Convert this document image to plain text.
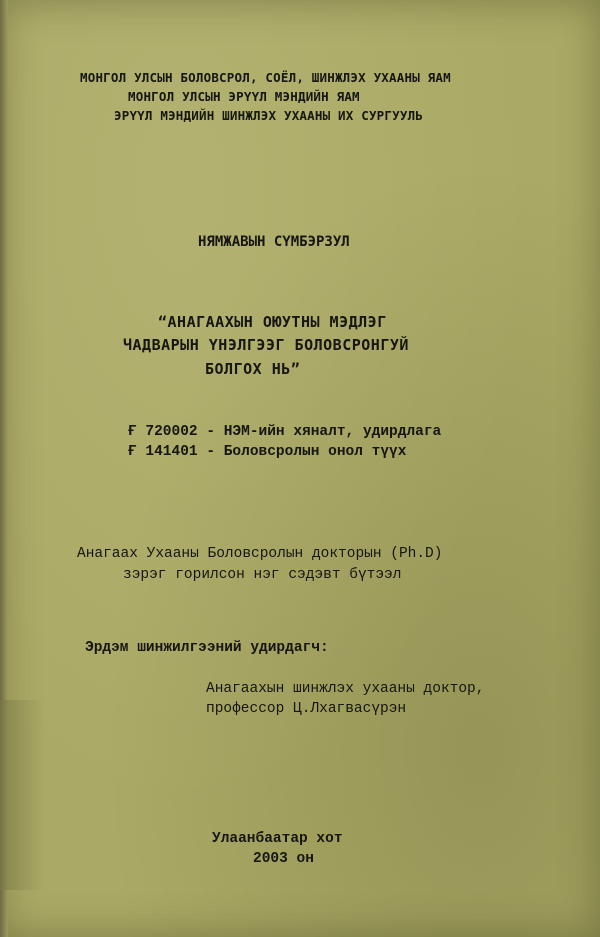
МОНГОЛ УЛСЫН БОЛОВСРОЛ, СОЁЛ, ШИНЖЛЭХ УХААНЫ ЯАМ
МОНГОЛ УЛСЫН ЭРҮҮЛ МЭНДИЙН ЯАМ
ЭРҮҮЛ МЭНДИЙН ШИНЖЛЭХ УХААНЫ ИХ СУРГУУЛЬ
НЯМЖАВЫН СҮМБЭРЗУЛ
“АНАГААХЫН ОЮУТНЫ МЭДЛЭГ
ЧАДВАРЫН ҮНЭЛГЭЭГ БОЛОВСРОНГУЙ
БОЛГОХ НЬ”
Ғ 720002 - НЭМ-ийн хяналт, удирдлага
Ғ 141401 - Боловсролын онол түүх
Анагаах Ухааны Боловсролын докторын (Ph.D)
зэрэг горилсон нэг сэдэвт бүтээл
Эрдэм шинжилгээний удирдагч:
Анагаахын шинжлэх ухааны доктор,
профессор Ц.Лхагвасүрэн
Улаанбаатар хот
2003 он
